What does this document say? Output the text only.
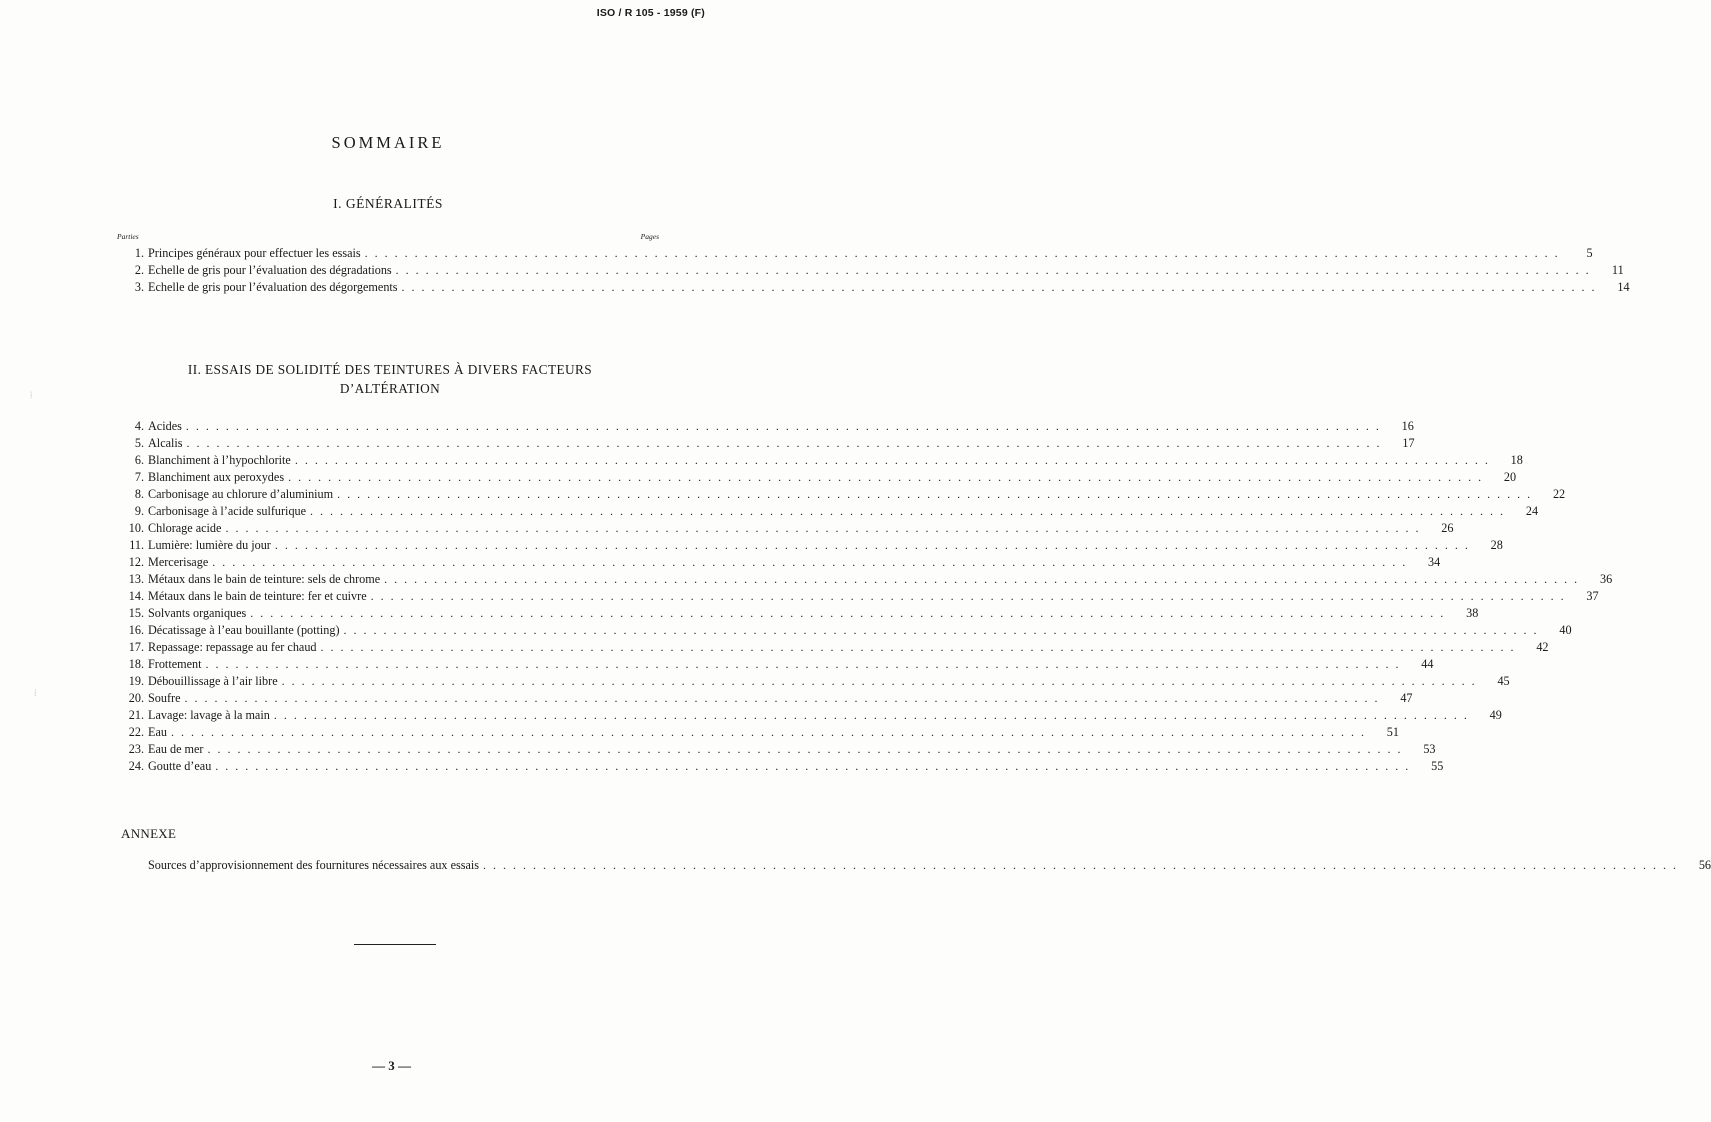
ISO / R 105 - 1959 (F)
SOMMAIRE
I. GÉNÉRALITÉS
Parties	Pages
1. Principes généraux pour effectuer les essais ........................................................................................................................	5
2. Echelle de gris pour l’évaluation des dégradations ........................................................................................................................	11
3. Echelle de gris pour l’évaluation des dégorgements ........................................................................................................................	14
II. ESSAIS DE SOLIDITÉ DES TEINTURES À DIVERS FACTEURS
D’ALTÉRATION
4. Acides ........................................................................................................................	16
5. Alcalis ........................................................................................................................	17
6. Blanchiment à l’hypochlorite ........................................................................................................................	18
7. Blanchiment aux peroxydes ........................................................................................................................	20
8. Carbonisage au chlorure d’aluminium ........................................................................................................................	22
9. Carbonisage à l’acide sulfurique ........................................................................................................................	24
10. Chlorage acide ........................................................................................................................	26
11. Lumière: lumière du jour ........................................................................................................................	28
12. Mercerisage ........................................................................................................................	34
13. Métaux dans le bain de teinture: sels de chrome ........................................................................................................................	36
14. Métaux dans le bain de teinture: fer et cuivre ........................................................................................................................	37
15. Solvants organiques ........................................................................................................................	38
16. Décatissage à l’eau bouillante (potting) ........................................................................................................................	40
17. Repassage: repassage au fer chaud ........................................................................................................................	42
18. Frottement ........................................................................................................................	44
19. Débouillissage à l’air libre ........................................................................................................................	45
20. Soufre ........................................................................................................................	47
21. Lavage: lavage à la main ........................................................................................................................	49
22. Eau ........................................................................................................................	51
23. Eau de mer ........................................................................................................................	53
24. Goutte d’eau ........................................................................................................................	55
ANNEXE
Sources d’approvisionnement des fournitures nécessaires aux essais ........................................................................................................................	56
— 3 —
⁞
⁞
